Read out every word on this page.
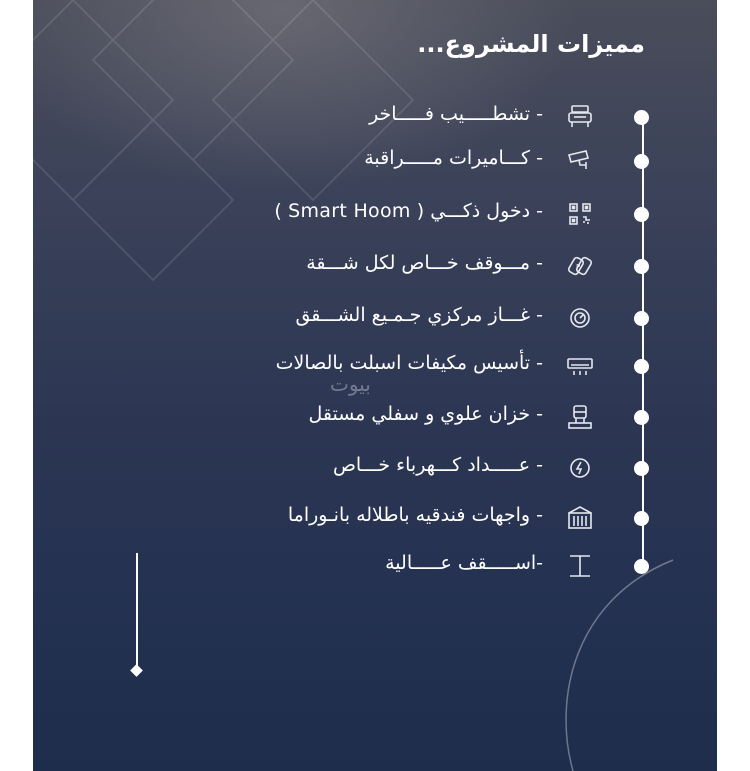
مميزات المشروع...
- تشطـــــيب فـــــاخر
- كـــاميرات مـــــراقبة
- دخول ذكـــي ( Smart Hoom )
P
- مـــوقف خـــاص لكل شـــقة
- غـــاز مركزي جـمـيع الشـــقق
- تأسيس مكيفات اسبلت بالصالات
بيوت
- خزان علوي و سفلي مستقل
- عـــــداد كـــهرباء خـــاص
- واجهات فندقيه باطلاله بانـوراما
-اســـــقف عـــــالية
